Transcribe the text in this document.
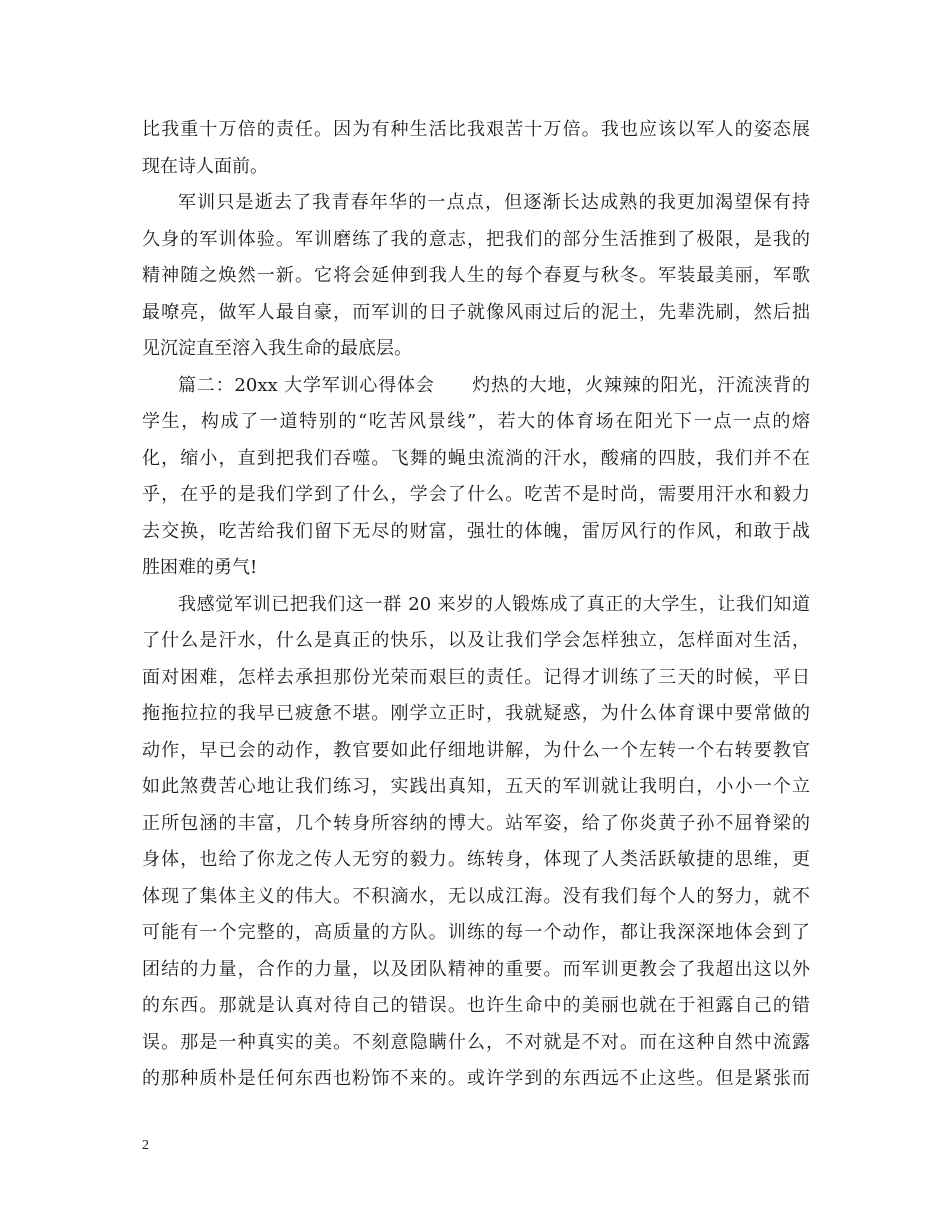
比我重十万倍的责任。因为有种生活比我艰苦十万倍。我也应该以军人的姿态展
现在诗人面前。
军训只是逝去了我青春年华的一点点，但逐渐长达成熟的我更加渴望保有持
久身的军训体验。军训磨练了我的意志，把我们的部分生活推到了极限，是我的
精神随之焕然一新。它将会延伸到我人生的每个春夏与秋冬。军装最美丽，军歌
最嘹亮，做军人最自豪，而军训的日子就像风雨过后的泥土，先辈洗刷，然后拙
见沉淀直至溶入我生命的最底层。
篇二：20xx 大学军训心得体会　　灼热的大地，火辣辣的阳光，汗流浃背的
学生，构成了一道特别的“吃苦风景线”，若大的体育场在阳光下一点一点的熔
化，缩小，直到把我们吞噬。飞舞的蝇虫流淌的汗水，酸痛的四肢，我们并不在
乎，在乎的是我们学到了什么，学会了什么。吃苦不是时尚，需要用汗水和毅力
去交换，吃苦给我们留下无尽的财富，强壮的体魄，雷厉风行的作风，和敢于战
胜困难的勇气!
我感觉军训已把我们这一群 20 来岁的人锻炼成了真正的大学生，让我们知道
了什么是汗水，什么是真正的快乐，以及让我们学会怎样独立，怎样面对生活，
面对困难，怎样去承担那份光荣而艰巨的责任。记得才训练了三天的时候，平日
拖拖拉拉的我早已疲惫不堪。刚学立正时，我就疑惑，为什么体育课中要常做的
动作，早已会的动作，教官要如此仔细地讲解，为什么一个左转一个右转要教官
如此煞费苦心地让我们练习，实践出真知，五天的军训就让我明白，小小一个立
正所包涵的丰富，几个转身所容纳的博大。站军姿，给了你炎黄子孙不屈脊梁的
身体，也给了你龙之传人无穷的毅力。练转身，体现了人类活跃敏捷的思维，更
体现了集体主义的伟大。不积滴水，无以成江海。没有我们每个人的努力，就不
可能有一个完整的，高质量的方队。训练的每一个动作，都让我深深地体会到了
团结的力量，合作的力量，以及团队精神的重要。而军训更教会了我超出这以外
的东西。那就是认真对待自己的错误。也许生命中的美丽也就在于袒露自己的错
误。那是一种真实的美。不刻意隐瞒什么，不对就是不对。而在这种自然中流露
的那种质朴是任何东西也粉饰不来的。或许学到的东西远不止这些。但是紧张而
2
